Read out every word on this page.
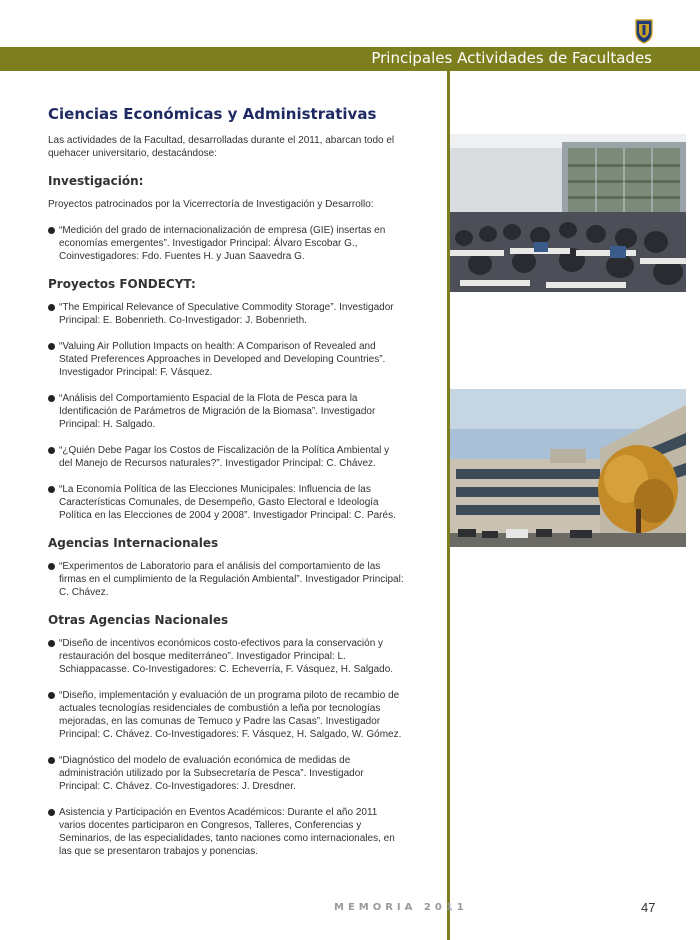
Principales Actividades de Facultades
Ciencias Económicas y Administrativas

Las actividades de la Facultad, desarrolladas durante el 2011, abarcan todo el quehacer universitario, destacándose:

Investigación:

Proyectos patrocinados por la Vicerrectoría de Investigación y Desarrollo:

“Medición del grado de internacionalización de empresa (GIE) insertas en economías emergentes”. Investigador Principal: Álvaro Escobar G., Coinvestigadores: Fdo. Fuentes H. y Juan Saavedra G.
Proyectos FONDECYT:
“The Empirical Relevance of Speculative Commodity Storage”. Investigador Principal: E. Bobenrieth. Co-Investigador: J. Bobenrieth.
“Valuing Air Pollution Impacts on health: A Comparison of Revealed and Stated Preferences Approaches in Developed and Developing Countries”. Investigador Principal: F. Vásquez.
“Análisis del Comportamiento Espacial de la Flota de Pesca para la Identificación de Parámetros de Migración de la Biomasa”. Investigador Principal: H. Salgado.
“¿Quién Debe Pagar los Costos de Fiscalización de la Política Ambiental y del Manejo de Recursos naturales?”. Investigador Principal: C. Chávez.
“La Economía Política de las Elecciones Municipales: Influencia de las Características Comunales, de Desempeño, Gasto Electoral e Ideología Política en las Elecciones de 2004 y 2008”. Investigador Principal: C. Parés.
Agencias Internacionales
“Experimentos de Laboratorio para el análisis del comportamiento de las firmas en el cumplimiento de la Regulación Ambiental”. Investigador Principal: C. Chávez.
Otras Agencias Nacionales
“Diseño de incentivos económicos costo-efectivos para la conservación y restauración del bosque mediterráneo”. Investigador Principal: L. Schiappacasse. Co-Investigadores: C. Echeverría, F. Vásquez, H. Salgado.
“Diseño, implementación y evaluación de un programa piloto de recambio de actuales tecnologías residenciales de combustión a leña por tecnologías mejoradas, en las comunas de Temuco y Padre las Casas”. Investigador Principal: C. Chávez. Co-Investigadores: F. Vásquez, H. Salgado, W. Gómez.
“Diagnóstico del modelo de evaluación económica de medidas de administración utilizado por la Subsecretaría de Pesca”. Investigador Principal: C. Chávez. Co-Investigadores: J. Dresdner.
Asistencia y Participación en Eventos Académicos: Durante el año 2011 varios docentes participaron en Congresos, Talleres, Conferencias y Seminarios, de las especialidades, tanto naciones como internacionales, en las que se presentaron trabajos y ponencias.
MEMORIA 2011	47
